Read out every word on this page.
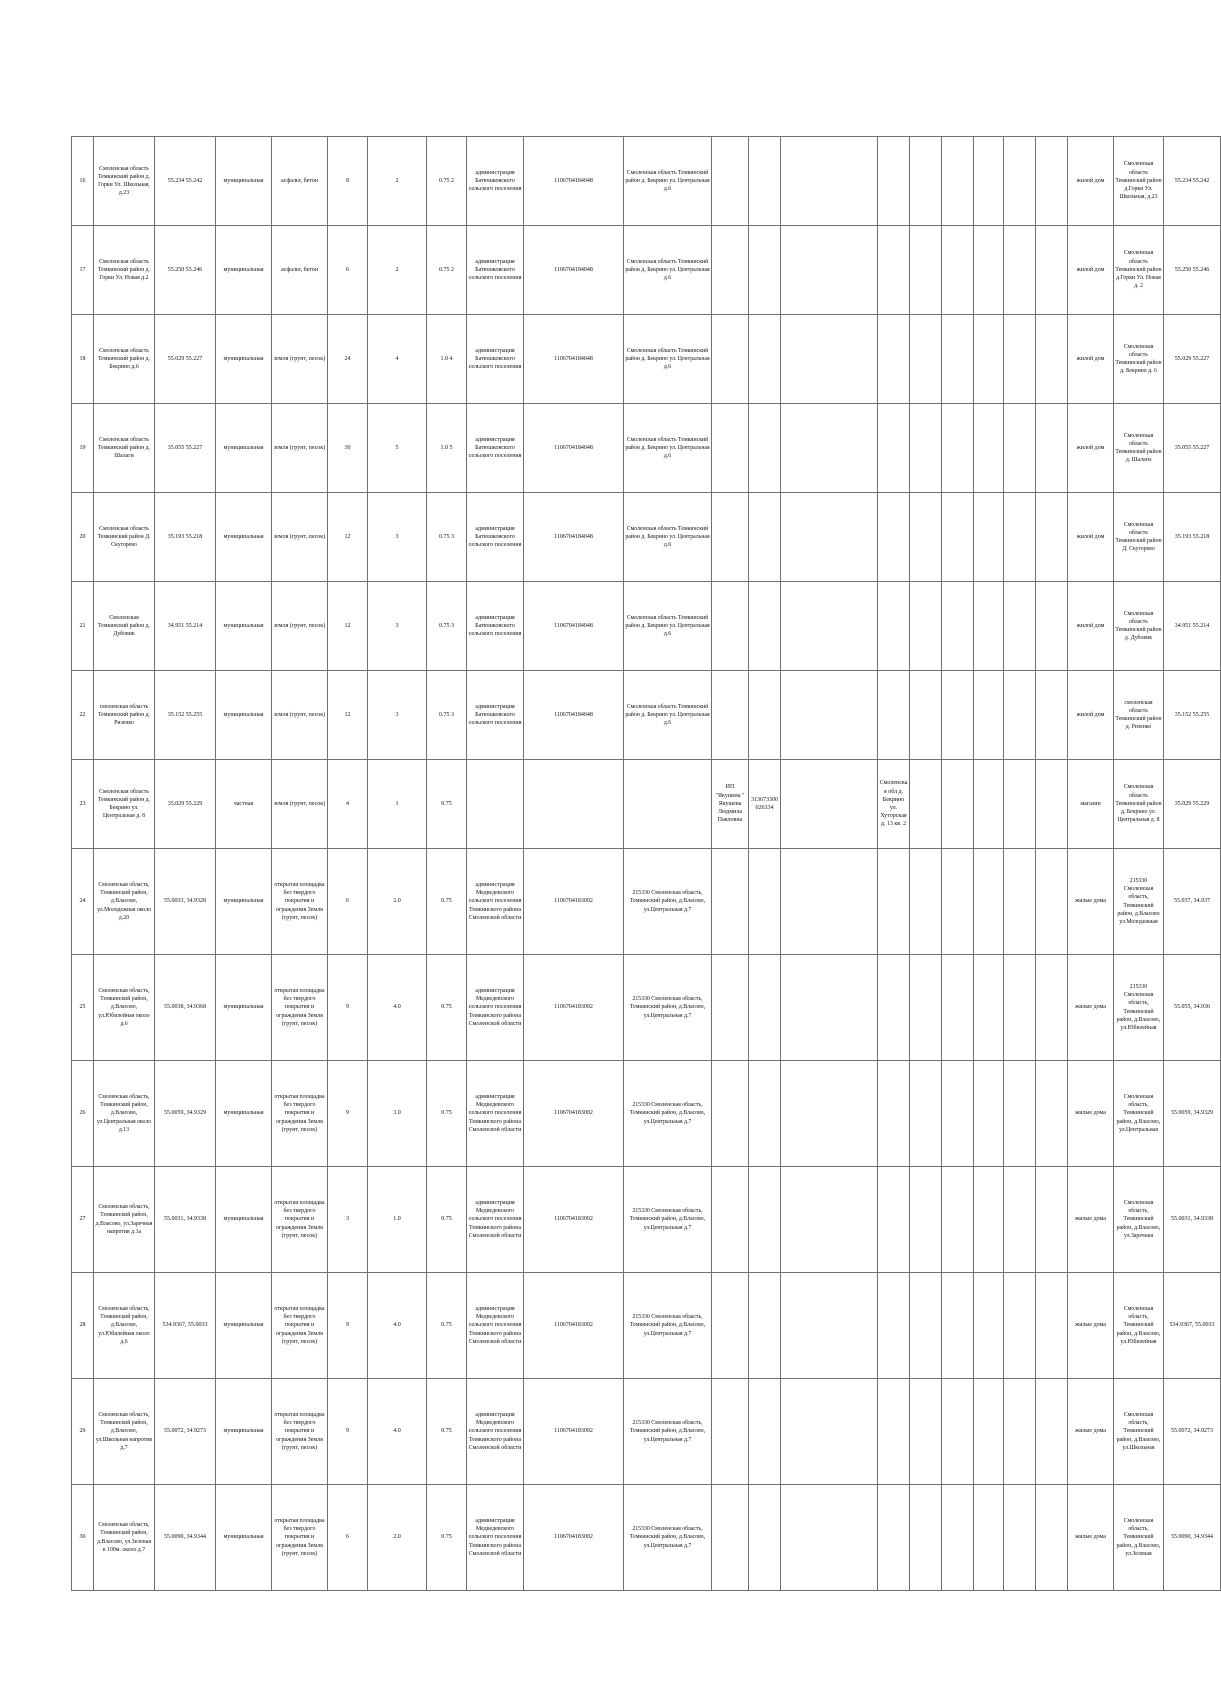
16	Смоленская область Темкинский район д. Горки Ул. Школьная, д.23	55.234 55.242	муниципальная	асфальт, бетон	8	2	0.75 2	администрация Батюшковского сельского поселения	1106704184048	Смоленская область Темкинский район д. Бекрино ул. Центральная д.6										жилой дом	Смоленская область Темкинский район д.Горки Ул. Школьная, д.23	55.234 55.242
17	Смоленская область Темкинский район д. Горки Ул. Новая д.2	55.250 55.246	муниципальная	асфальт, бетон	6	2	0.75 2	администрация Батюшковского сельского поселения	1106704184048	Смоленская область Темкинский район д. Бекрино ул. Центральная д.6										жилой дом	Смоленская область Темкинский район д.Горки Ул. Новая д. 2	55.250 55.246
18	Смоленская область Темкинский район д. Бекрино д.6	55.029 55.227	муниципальная	земля (грунт, песок)	24	4	1.0 4	администрация Батюшковского сельского поселения	1106704184048	Смоленская область Темкинский район д. Бекрино ул. Центральная д.6										жилой дом	Смоленская область Темкинский район д. Бекрино д. 6	55.029 55.227
19	Смоленская область Темкинский район д. Шалаги	35.055 55.227	муниципальная	земля (грунт, песок)	30	5	1.0 5	администрация Батюшковского сельского поселения	1106704184048	Смоленская область Темкинский район д. Бекрино ул. Центральная д.6										жилой дом	Смоленская область Темкинский район д. Шалаги	35.055 55.227
20	Смоленская область Темкинский район Д. Скугорево	35.193 55.218	муниципальная	земля (грунт, песок)	12	3	0.75 3	администрация Батюшковского сельского поселения	1106704184048	Смоленская область Темкинский район д. Бекрино ул. Центральная д.6										жилой дом	Смоленская область Темкинский район Д. Скугорево	35.193 55.218
21	Смоленская Темкинский район д. Дубовик	34.951 55.214	муниципальная	земля (грунт, песок)	12	3	0.75 3	администрация Батюшковского сельского поселения	1106704184048	Смоленская область Темкинский район д. Бекрино ул. Центральная д.6										жилой дом	Смоленская область Темкинский район д. Дубовик	34.951 55.214
22	смоленская область Темкинский район д. Ризенко	35.152 55.255	муниципальная	земля (грунт, песок)	12	3	0.75 3	администрация Батюшковского сельского поселения	1106704184048	Смоленская область Темкинский район д. Бекрино ул. Центральная д.6										жилой дом	смоленская область Темкинский район д. Ризенко	35.152 55.255
23	Смоленская область Темкинский район д. Бекрино ул. Центральная д. 8	35.029 55.229	частная	земля (грунт, песок)	4	1	0.75				ИП "Якушева " Якушева Людмила Павловна	313673300026334		Смоленская обл д. Бекрино ул. Хуторская д. 13 кв. 2						магазин	Смоленская область Темкинский район д. Бекрино ул. Центральная д. 8	35.029 55.229
24	Смоленская область, Темкинский район, д.Власово, ул.Молодежная около д.20	55.0033, 34.9328	муниципальная	открытая площадка без твердого покрытия и ограждения Земля (грунт, песок)	6	2.0	0.75	администрация Медведевского сельского поселения Темкинского района Смоленской области	1106704183002	215330 Смоленская область, Темкинский район, д.Власово, ул.Центральная д.7										жилые дома	215330 Смоленская область, Темкинский район, д.Власово ул.Молодежная	55.037, 34.937
25	Смоленская область, Темкинский район, д.Власово, ул.Юбилейная около д.6	55.0038, 34.9368	муниципальная	открытая площадка без твердого покрытия и ограждения Земля (грунт, песок)	9	4.0	0.75	администрация Медведевского сельского поселения Темкинского района Смоленской области	1106704183002	215330 Смоленская область, Темкинский район, д.Власово, ул.Центральная д.7										жилые дома	215330 Смоленская область, Темкинский район, д.Власово, ул.Юбилейная	55.055, 34.936
26	Смоленская область, Темкинский район, д.Власово, ул.Центральная около д.13	55.0059, 34.9329	муниципальная	открытая площадка без твердого покрытия и ограждения Земля (грунт, песок)	9	3.0	0.75	администрация Медведевского сельского поселения Темкинского района Смоленской области	1106704183002	215330 Смоленская область, Темкинский район, д.Власово, ул.Центральная д.7										жилые дома	Смоленская область, Темкинский район, д.Власово, ул.Центральная	55.0059, 34.9329
27	Смоленская область, Темкинский район, д.Власово, ул.Заречная напротив д.1а	55.0031, 34.9338	муниципальная	открытая площадка без твердого покрытия и ограждения Земля (грунт, песок)	3	1.0	0.75	администрация Медведевского сельского поселения Темкинского района Смоленской области	1106704183002	215330 Смоленская область, Темкинский район, д.Власово, ул.Центральная д.7										жилые дома	Смоленская область, Темкинский район, д.Власово, ул.Заречная	55.0031, 34.9338
28	Смоленская область, Темкинский район, д.Власово, ул.Юбилейная около д.6	534.9367, 55.0033	муниципальная	открытая площадка без твердого покрытия и ограждения Земля (грунт, песок)	9	4.0	0.75	администрация Медведевского сельского поселения Темкинского района Смоленской области	1106704183002	215330 Смоленская область, Темкинский район, д.Власово, ул.Центральная д.7										жилые дома	Смоленская область, Темкинский район, д.Власово, ул.Юбилейная	534.9367, 55.0033
29	Смоленская область, Темкинский район, д.Власово, ул.Школьная напротив д.7	55.0072, 34.9273	муниципальная	открытая площадка без твердого покрытия и ограждения Земля (грунт, песок)	9	4.0	0.75	администрация Медведевского сельского поселения Темкинского района Смоленской области	1106704183002	215330 Смоленская область, Темкинский район, д.Власово, ул.Центральная д.7										жилые дома	Смоленская область, Темкинский район, д.Власово, ул.Школьная	55.0072, 34.9273
30	Смоленская область, Темкинский район, д.Власово, ул.Зеленая в 100м. около д.7	55.0090, 34.9344	муниципальная	открытая площадка без твердого покрытия и ограждения Земля (грунт, песок)	6	2.0	0.75	администрация Медведевского сельского поселения Темкинского района Смоленской области	1106704183002	215330 Смоленская область, Темкинский район, д.Власово, ул.Центральная д.7										жилые дома	Смоленская область, Темкинский район, д.Власово, ул.Зеленая	55.0090, 34.9344
